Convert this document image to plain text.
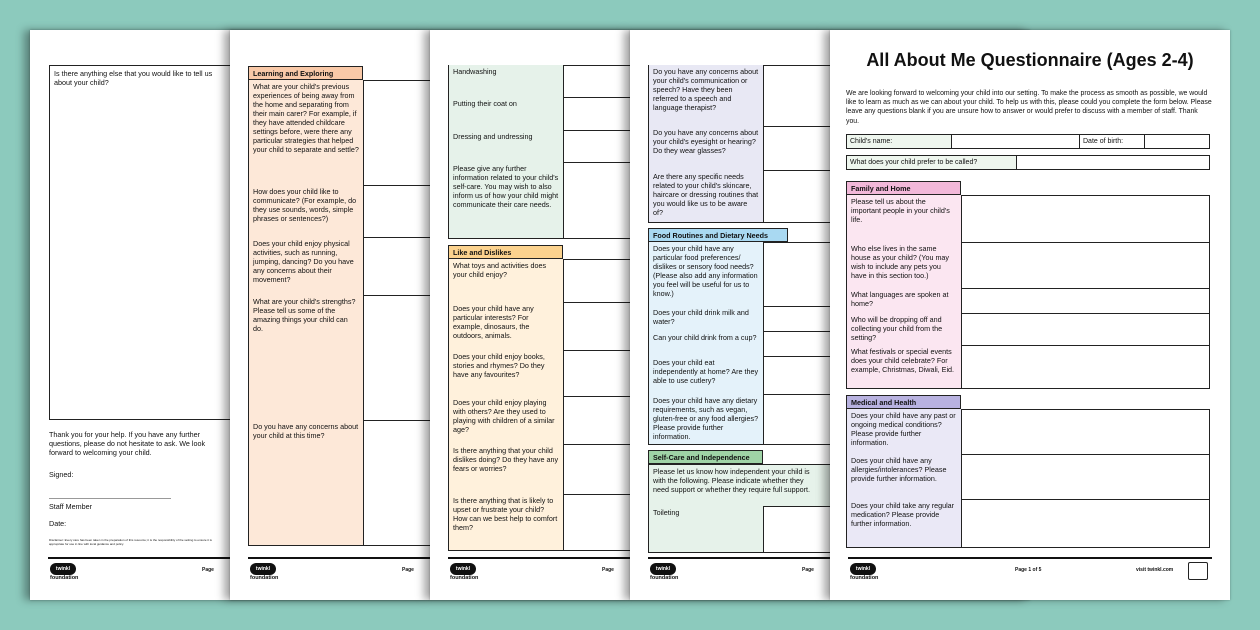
Is there anything else that you would like to tell us about your child?
Thank you for your help. If you have any further questions, please do not hesitate to ask. We look forward to welcoming your child.
Signed:
Staff Member
Date:
Disclaimer: Every care has been taken in the preparation of this resource; it is the responsibility of the setting to ensure it is appropriate for use in line with local guidance and policy.
twinkl
foundation
Page
Learning and Exploring
What are your child's previous experiences of being away from the home and separating from their main carer? For example, if they have attended childcare settings before, were there any particular strategies that helped your child to separate and settle?
How does your child like to communicate? (For example, do they use sounds, words, simple phrases or sentences?)
Does your child enjoy physical activities, such as running, jumping, dancing? Do you have any concerns about their movement?
What are your child's strengths? Please tell us some of the amazing things your child can do.
Do you have any concerns about your child at this time?
twinkl
foundation
Page
Handwashing
Putting their coat on
Dressing and undressing
Please give any further information related to your child's self-care. You may wish to also inform us of how your child might communicate their care needs.
Like and Dislikes
What toys and activities does your child enjoy?
Does your child have any particular interests? For example, dinosaurs, the outdoors, animals.
Does your child enjoy books, stories and rhymes? Do they have any favourites?
Does your child enjoy playing with others? Are they used to playing with children of a similar age?
Is there anything that your child dislikes doing? Do they have any fears or worries?
Is there anything that is likely to upset or frustrate your child? How can we best help to comfort them?
twinkl
foundation
Page
Do you have any concerns about your child's communication or speech? Have they been referred to a speech and language therapist?
Do you have any concerns about your child's eyesight or hearing? Do they wear glasses?
Are there any specific needs related to your child's skincare, haircare or dressing routines that you would like us to be aware of?
Food Routines and Dietary Needs
Does your child have any particular food preferences/ dislikes or sensory food needs? (Please also add any information you feel will be useful for us to know.)
Does your child drink milk and water?
Can your child drink from a cup?
Does your child eat independently at home? Are they able to use cutlery?
Does your child have any dietary requirements, such as vegan, gluten-free or any food allergies? Please provide further information.
Self-Care and Independence
Please let us know how independent your child is with the following. Please indicate whether they need support or whether they require full support.
Toileting
twinkl
foundation
Page
All About Me Questionnaire (Ages 2-4)
We are looking forward to welcoming your child into our setting. To make the process as smooth as possible, we would like to learn as much as we can about your child. To help us with this, please could you complete the form below. Please leave any questions blank if you are unsure how to answer or would prefer to discuss with a member of staff. Thank you.
Child's name:	Date of birth:
What does your child prefer to be called?
twinkl
foundation
Page 1 of 5	visit twinkl.com
Family and Home
Please tell us about the important people in your child's life.
Who else lives in the same house as your child? (You may wish to include any pets you have in this section too.)
What languages are spoken at home?
Who will be dropping off and collecting your child from the setting?
What festivals or special events does your child celebrate? For example, Christmas, Diwali, Eid.
Medical and Health
Does your child have any past or ongoing medical conditions? Please provide further information.
Does your child have any allergies/intolerances? Please provide further information.
Does your child take any regular medication? Please provide further information.
